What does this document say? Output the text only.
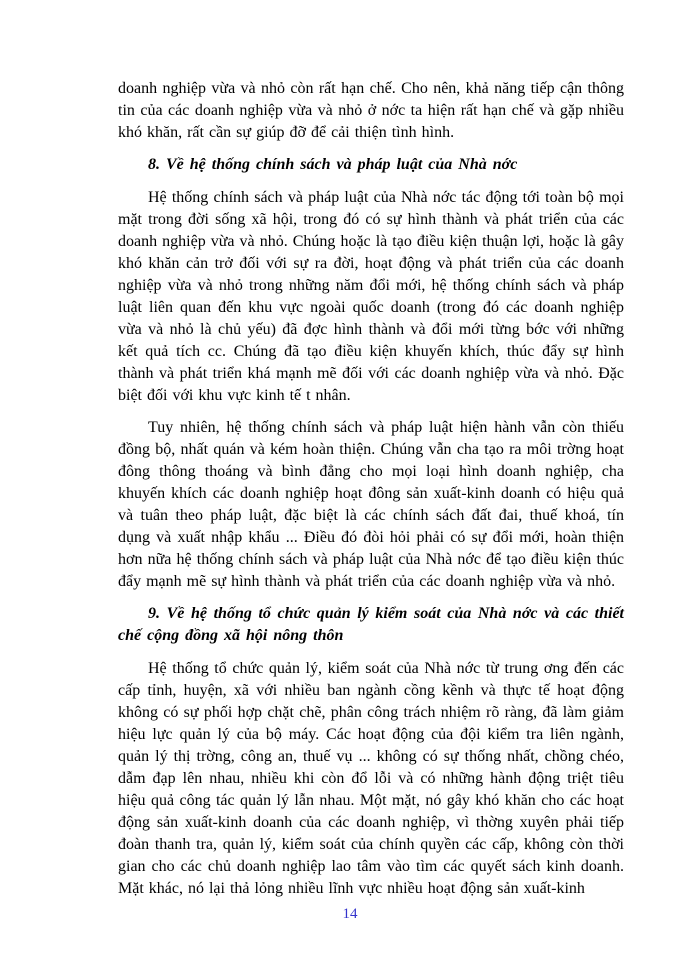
doanh nghiệp vừa và nhỏ còn rất hạn chế. Cho nên, khả năng tiếp cận thông tin của các doanh nghiệp vừa và nhỏ ở nớc ta hiện rất hạn chế và gặp nhiều khó khăn, rất cần sự giúp đỡ để cải thiện tình hình.

8. Về hệ thống chính sách và pháp luật của Nhà nớc

Hệ thống chính sách và pháp luật của Nhà nớc tác động tới toàn bộ mọi mặt trong đời sống xã hội, trong đó có sự hình thành và phát triển của các doanh nghiệp vừa và nhỏ. Chúng hoặc là tạo điều kiện thuận lợi, hoặc là gây khó khăn cản trở đối với sự ra đời, hoạt động và phát triển của các doanh nghiệp vừa và nhỏ trong những năm đổi mới, hệ thống chính sách và pháp luật liên quan đến khu vực ngoài quốc doanh (trong đó các doanh nghiệp vừa và nhỏ là chủ yếu) đã đợc hình thành và đổi mới từng bớc với những kết quả tích cc. Chúng đã tạo điều kiện khuyến khích, thúc đẩy sự hình thành và phát triển khá mạnh mẽ đối với các doanh nghiệp vừa và nhỏ. Đặc biệt đối với khu vực kinh tế t nhân.

Tuy nhiên, hệ thống chính sách và pháp luật hiện hành vẫn còn thiếu đồng bộ, nhất quán và kém hoàn thiện. Chúng vẫn cha tạo ra môi trờng hoạt đông thông thoáng và bình đẳng cho mọi loại hình doanh nghiệp, cha khuyến khích các doanh nghiệp hoạt đông sản xuất-kinh doanh có hiệu quả và tuân theo pháp luật, đặc biệt là các chính sách đất đai, thuế khoá, tín dụng và xuất nhập khẩu ... Điều đó đòi hỏi phải có sự đổi mới, hoàn thiện hơn nữa hệ thống chính sách và pháp luật của Nhà nớc để tạo điều kiện thúc đẩy mạnh mẽ sự hình thành và phát triển của các doanh nghiệp vừa và nhỏ.

9. Về hệ thống tổ chức quản lý kiểm soát của Nhà nớc và các thiết chế cộng đồng xã hội nông thôn

Hệ thống tổ chức quản lý, kiểm soát của Nhà nớc từ trung ơng đến các cấp tỉnh, huyện, xã với nhiều ban ngành cồng kềnh và thực tế hoạt động không có sự phối hợp chặt chẽ, phân công trách nhiệm rõ ràng, đã làm giảm hiệu lực quản lý của bộ máy. Các hoạt động của đội kiểm tra liên ngành, quản lý thị trờng, công an, thuế vụ ... không có sự thống nhất, chồng chéo, dẫm đạp lên nhau, nhiều khi còn đổ lỗi và có những hành động triệt tiêu hiệu quả công tác quản lý lẫn nhau. Một mặt, nó gây khó khăn cho các hoạt động sản xuất-kinh doanh của các doanh nghiệp, vì thờng xuyên phải tiếp đoàn thanh tra, quản lý, kiểm soát của chính quyền các cấp, không còn thời gian cho các chủ doanh nghiệp lao tâm vào tìm các quyết sách kinh doanh. Mặt khác, nó lại thả lỏng nhiều lĩnh vực nhiều hoạt động sản xuất-kinh

14
